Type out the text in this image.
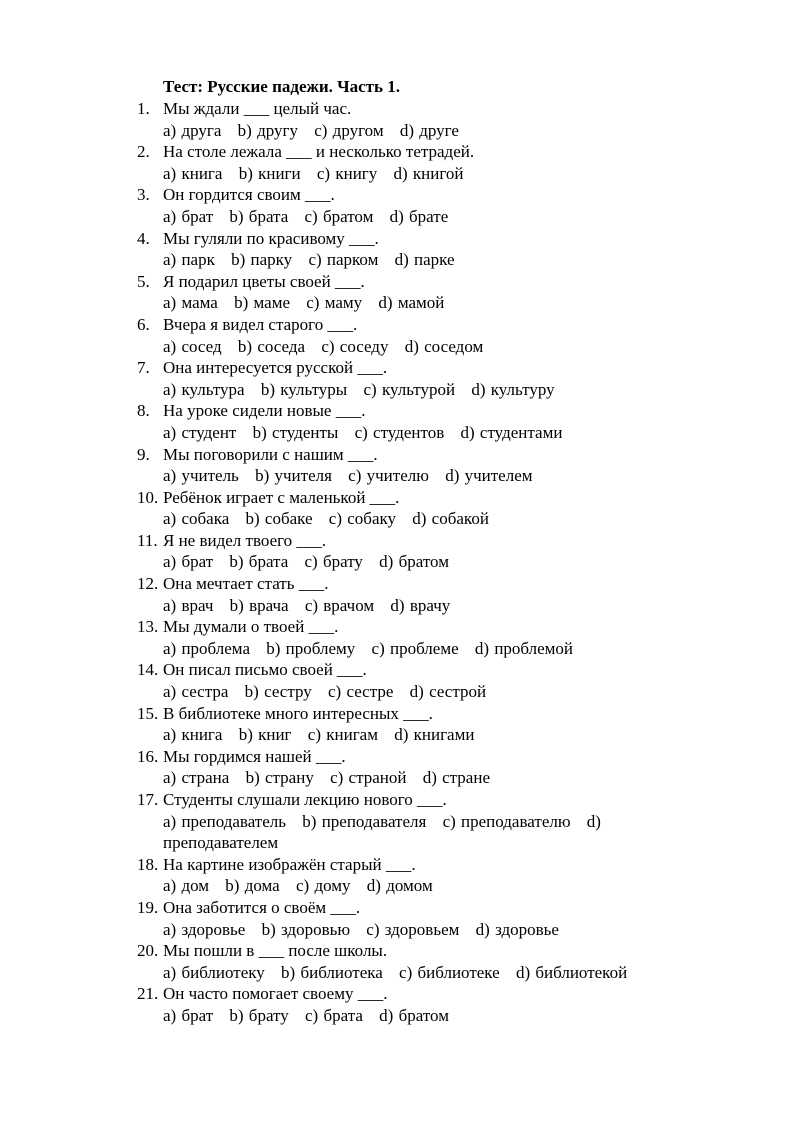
Тест: Русские падежи. Часть 1.
1. Мы ждали ___ целый час.
a) друга b) другу c) другом d) друге
2. На столе лежала ___ и несколько тетрадей.
a) книга b) книги c) книгу d) книгой
3. Он гордится своим ___.
a) брат b) брата c) братом d) брате
4. Мы гуляли по красивому ___.
a) парк b) парку c) парком d) парке
5. Я подарил цветы своей ___.
a) мама b) маме c) маму d) мамой
6. Вчера я видел старого ___.
a) сосед b) соседа c) соседу d) соседом
7. Она интересуется русской ___.
a) культура b) культуры c) культурой d) культуру
8. На уроке сидели новые ___.
a) студент b) студенты c) студентов d) студентами
9. Мы поговорили с нашим ___.
a) учитель b) учителя c) учителю d) учителем
10. Ребёнок играет с маленькой ___.
a) собака b) собаке c) собаку d) собакой
11. Я не видел твоего ___.
a) брат b) брата c) брату d) братом
12. Она мечтает стать ___.
a) врач b) врача c) врачом d) врачу
13. Мы думали о твоей ___.
a) проблема b) проблему c) проблеме d) проблемой
14. Он писал письмо своей ___.
a) сестра b) сестру c) сестре d) сестрой
15. В библиотеке много интересных ___.
a) книга b) книг c) книгам d) книгами
16. Мы гордимся нашей ___.
a) страна b) страну c) страной d) стране
17. Студенты слушали лекцию нового ___.
a) преподаватель b) преподавателя c) преподавателю d) преподавателем
18. На картине изображён старый ___.
a) дом b) дома c) дому d) домом
19. Она заботится о своём ___.
a) здоровье b) здоровью c) здоровьем d) здоровье
20. Мы пошли в ___ после школы.
a) библиотеку b) библиотека c) библиотеке d) библиотекой
21. Он часто помогает своему ___.
a) брат b) брату c) брата d) братом
